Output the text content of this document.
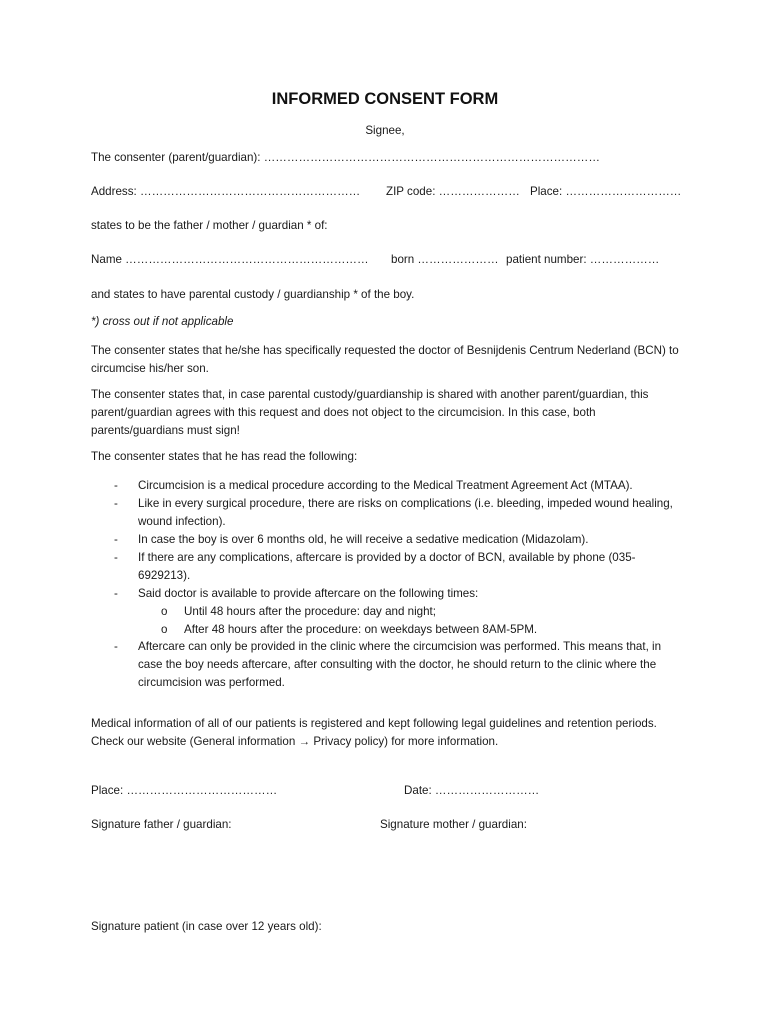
INFORMED CONSENT FORM
Signee,
The consenter (parent/guardian): ……………………………………………………………………………
Address: ………………………………………………… ZIP code: ………………… Place: …………………………
states to be the father / mother / guardian * of:
Name ……………………………………………………… born ………………… patient number: ………………
and states to have parental custody / guardianship * of the boy.
*) cross out if not applicable
The consenter states that he/she has specifically requested the doctor of Besnijdenis Centrum Nederland (BCN) to circumcise his/her son.
The consenter states that, in case parental custody/guardianship is shared with another parent/guardian, this parent/guardian agrees with this request and does not object to the circumcision. In this case, both parents/guardians must sign!
The consenter states that he has read the following:
- Circumcision is a medical procedure according to the Medical Treatment Agreement Act (MTAA).
- Like in every surgical procedure, there are risks on complications (i.e. bleeding, impeded wound healing, wound infection).
- In case the boy is over 6 months old, he will receive a sedative medication (Midazolam).
- If there are any complications, aftercare is provided by a doctor of BCN, available by phone (035-6929213).
- Said doctor is available to provide aftercare on the following times:
o Until 48 hours after the procedure: day and night;
o After 48 hours after the procedure: on weekdays between 8AM-5PM.
- Aftercare can only be provided in the clinic where the circumcision was performed. This means that, in case the boy needs aftercare, after consulting with the doctor, he should return to the clinic where the circumcision was performed.
Medical information of all of our patients is registered and kept following legal guidelines and retention periods. Check our website (General information → Privacy policy) for more information.
Place: …………………………………	Date: ………………………
Signature father / guardian:	Signature mother / guardian:
Signature patient (in case over 12 years old):
